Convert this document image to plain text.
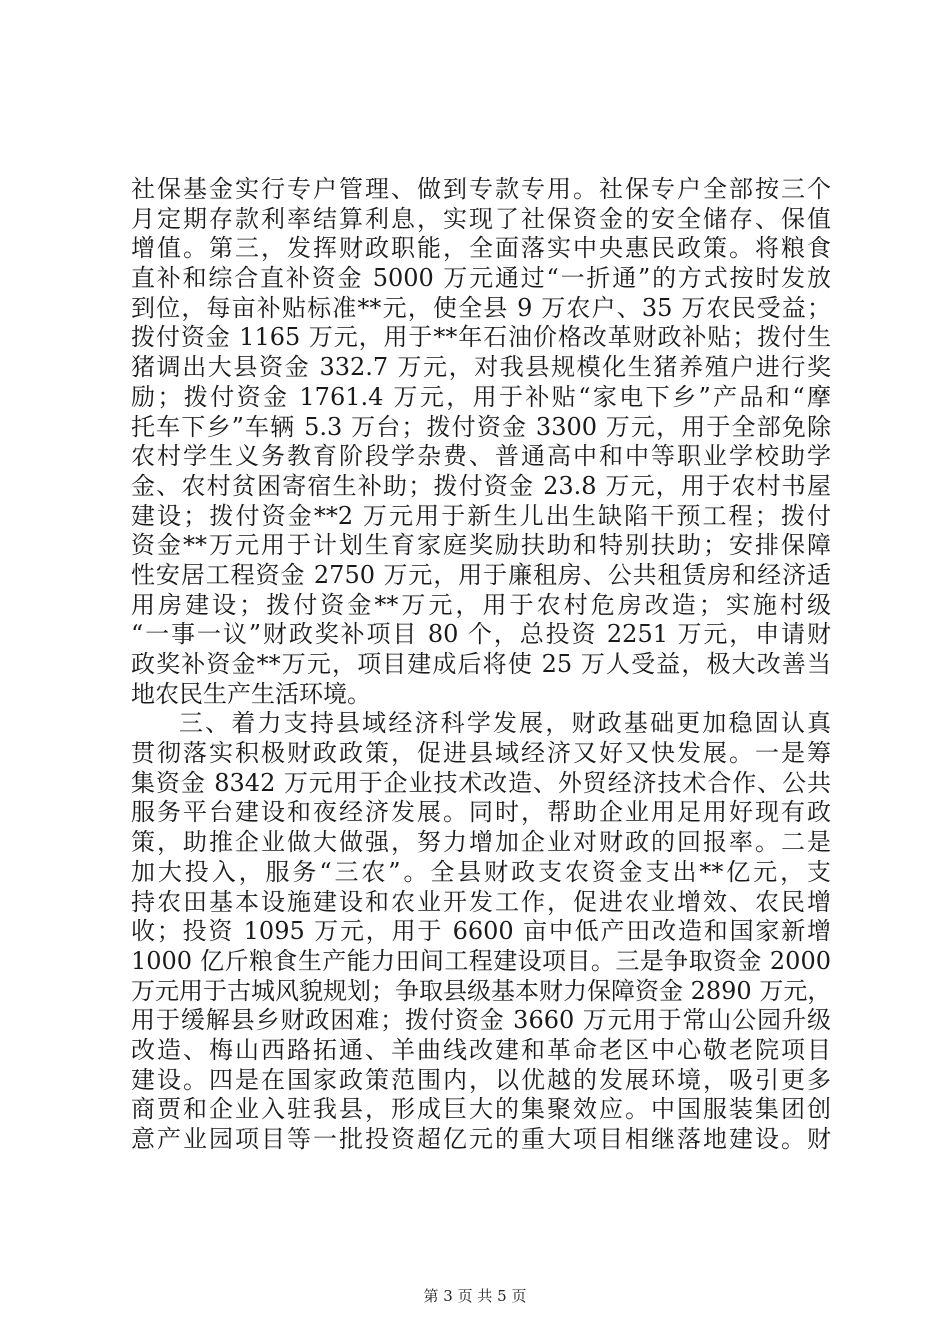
社保基金实行专户管理、做到专款专用。社保专户全部按三个
月定期存款利率结算利息，实现了社保资金的安全储存、保值
增值。第三，发挥财政职能，全面落实中央惠民政策。将粮食
直补和综合直补资金 5000 万元通过“一折通”的方式按时发放
到位，每亩补贴标准**元，使全县 9 万农户、35 万农民受益；
拨付资金 1165 万元，用于**年石油价格改革财政补贴；拨付生
猪调出大县资金 332.7 万元，对我县规模化生猪养殖户进行奖
励；拨付资金 1761.4 万元，用于补贴“家电下乡”产品和“摩
托车下乡”车辆 5.3 万台；拨付资金 3300 万元，用于全部免除
农村学生义务教育阶段学杂费、普通高中和中等职业学校助学
金、农村贫困寄宿生补助；拨付资金 23.8 万元，用于农村书屋
建设；拨付资金**2 万元用于新生儿出生缺陷干预工程；拨付
资金**万元用于计划生育家庭奖励扶助和特别扶助；安排保障
性安居工程资金 2750 万元，用于廉租房、公共租赁房和经济适
用房建设；拨付资金**万元，用于农村危房改造；实施村级
“一事一议”财政奖补项目 80 个，总投资 2251 万元，申请财
政奖补资金**万元，项目建成后将使 25 万人受益，极大改善当
地农民生产生活环境。
三、着力支持县域经济科学发展，财政基础更加稳固认真
贯彻落实积极财政政策，促进县域经济又好又快发展。一是筹
集资金 8342 万元用于企业技术改造、外贸经济技术合作、公共
服务平台建设和夜经济发展。同时，帮助企业用足用好现有政
策，助推企业做大做强，努力增加企业对财政的回报率。二是
加大投入，服务“三农”。全县财政支农资金支出**亿元，支
持农田基本设施建设和农业开发工作，促进农业增效、农民增
收；投资 1095 万元，用于 6600 亩中低产田改造和国家新增
1000 亿斤粮食生产能力田间工程建设项目。三是争取资金 2000
万元用于古城风貌规划；争取县级基本财力保障资金 2890 万元，
用于缓解县乡财政困难；拨付资金 3660 万元用于常山公园升级
改造、梅山西路拓通、羊曲线改建和革命老区中心敬老院项目
建设。四是在国家政策范围内，以优越的发展环境，吸引更多
商贾和企业入驻我县，形成巨大的集聚效应。中国服装集团创
意产业园项目等一批投资超亿元的重大项目相继落地建设。财
第 3 页 共 5 页
